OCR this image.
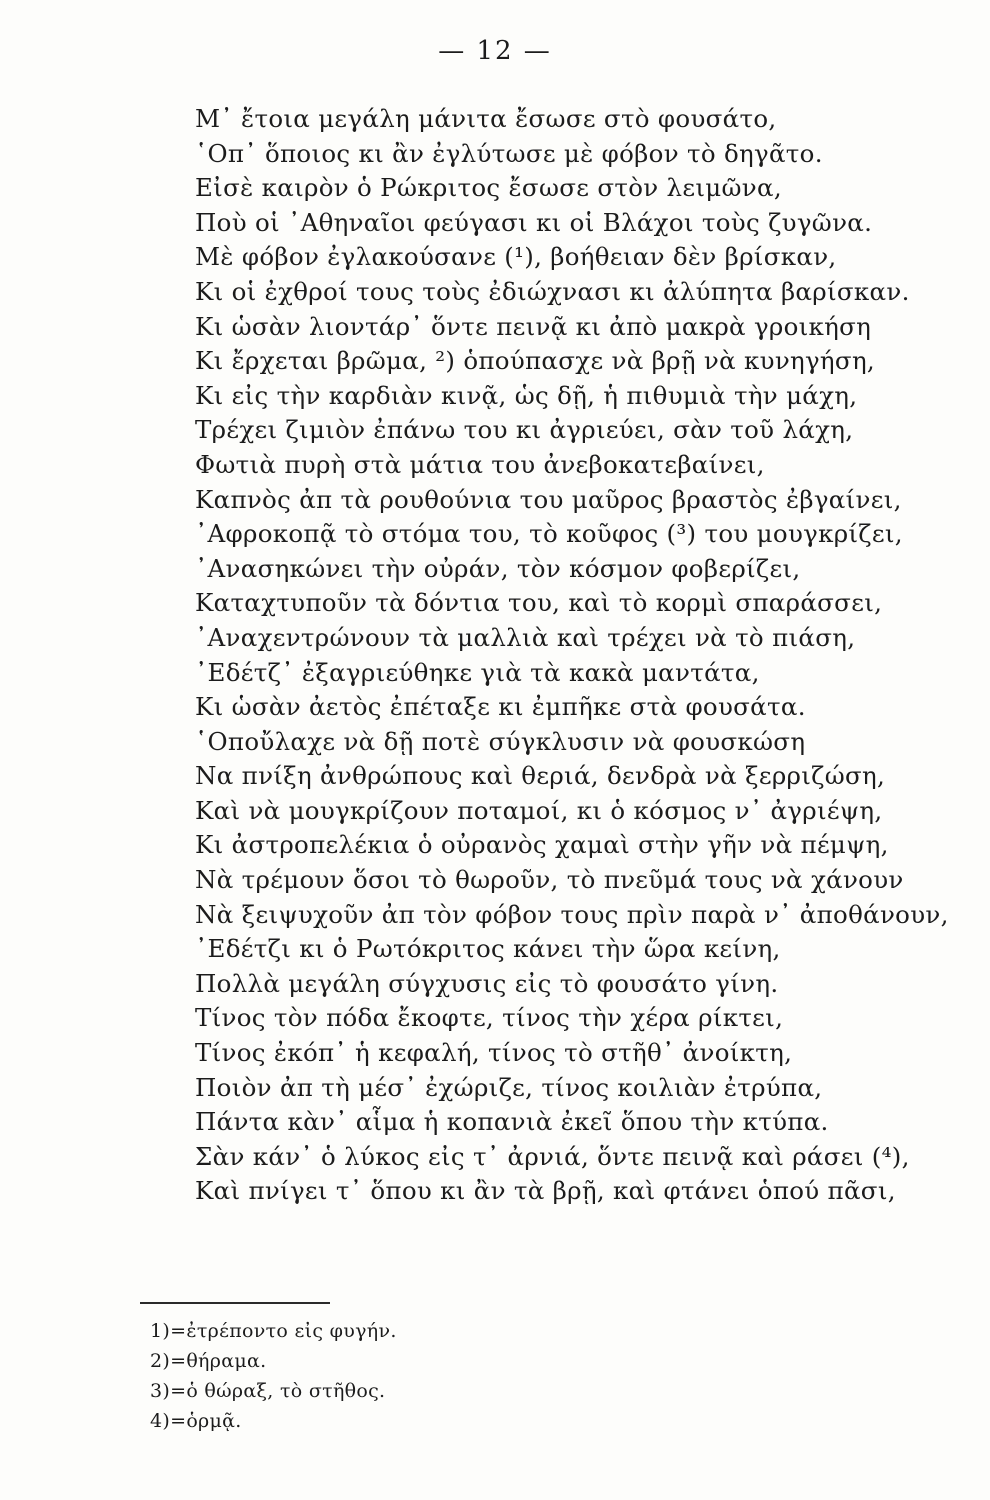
— 12 —
Μ᾽ ἔτοια μεγάλη μάνιτα ἔσωσε στὸ φουσάτο,
῾Οπ᾽ ὅποιος κι ἂν ἐγλύτωσε μὲ φόβον τὸ δηγᾶτο.
Εἰσὲ καιρὸν ὁ Ρώκριτος ἔσωσε στὸν λειμῶνα,
Ποὺ οἱ ᾽Αθηναῖοι φεύγασι κι οἱ Βλάχοι τοὺς ζυγῶνα.
Μὲ φόβον ἐγλακούσανε (¹), βοήθειαν δὲν βρίσκαν,
Κι οἱ ἐχθροί τους τοὺς ἐδιώχνασι κι ἀλύπητα βαρίσκαν.
Κι ὡσὰν λιοντάρ᾽ ὅντε πεινᾷ κι ἀπὸ μακρὰ γροικήση
Κι ἔρχεται βρῶμα, ²) ὁπούπασχε νὰ βρῇ νὰ κυνηγήση,
Κι εἰς τὴν καρδιὰν κινᾷ, ὡς δῇ, ἡ πιθυμιὰ τὴν μάχη,
Τρέχει ζιμιὸν ἐπάνω του κι ἀγριεύει, σὰν τοῦ λάχη,
Φωτιὰ πυρὴ στὰ μάτια του ἀνεβοκατεβαίνει,
Καπνὸς ἀπ τὰ ρουθούνια του μαῦρος βραστὸς ἐβγαίνει,
᾽Αφροκοπᾷ τὸ στόμα του, τὸ κοῦφος (³) του μουγκρίζει,
᾽Ανασηκώνει τὴν οὐράν, τὸν κόσμον φοβερίζει,
Καταχτυποῦν τὰ δόντια του, καὶ τὸ κορμὶ σπαράσσει,
᾽Αναχεντρώνουν τὰ μαλλιὰ καὶ τρέχει νὰ τὸ πιάση,
᾽Εδέτζ᾽ ἐξαγριεύθηκε γιὰ τὰ κακὰ μαντάτα,
Κι ὡσὰν ἀετὸς ἐπέταξε κι ἐμπῆκε στὰ φουσάτα.
῾Οποὔλαχε νὰ δῇ ποτὲ σύγκλυσιν νὰ φουσκώση
Να πνίξη ἀνθρώπους καὶ θεριά, δενδρὰ νὰ ξερριζώση,
Καὶ νὰ μουγκρίζουν ποταμοί, κι ὁ κόσμος ν᾽ ἀγριέψη,
Κι ἀστροπελέκια ὁ οὐρανὸς χαμαὶ στὴν γῆν νὰ πέμψη,
Νὰ τρέμουν ὅσοι τὸ θωροῦν, τὸ πνεῦμά τους νὰ χάνουν
Νὰ ξειψυχοῦν ἀπ τὸν φόβον τους πρὶν παρὰ ν᾽ ἀποθάνουν,
᾽Εδέτζι κι ὁ Ρωτόκριτος κάνει τὴν ὥρα κείνη,
Πολλὰ μεγάλη σύγχυσις εἰς τὸ φουσάτο γίνη.
Τίνος τὸν πόδα ἔκοφτε, τίνος τὴν χέρα ρίκτει,
Τίνος ἐκόπ᾽ ἡ κεφαλή, τίνος τὸ στῆθ᾽ ἀνοίκτη,
Ποιὸν ἀπ τὴ μέσ᾽ ἐχώριζε, τίνος κοιλιὰν ἐτρύπα,
Πάντα κὰν᾽ αἷμα ἡ κοπανιὰ ἐκεῖ ὅπου τὴν κτύπα.
Σὰν κάν᾽ ὁ λύκος εἰς τ᾽ ἀρνιά, ὅντε πεινᾷ καὶ ράσει (⁴),
Καὶ πνίγει τ᾽ ὅπου κι ἂν τὰ βρῇ, καὶ φτάνει ὁπού πᾶσι,
1)=ἐτρέποντο εἰς φυγήν.
2)=θήραμα.
3)=ὁ θώραξ, τὸ στῆθος.
4)=ὁρμᾷ.
